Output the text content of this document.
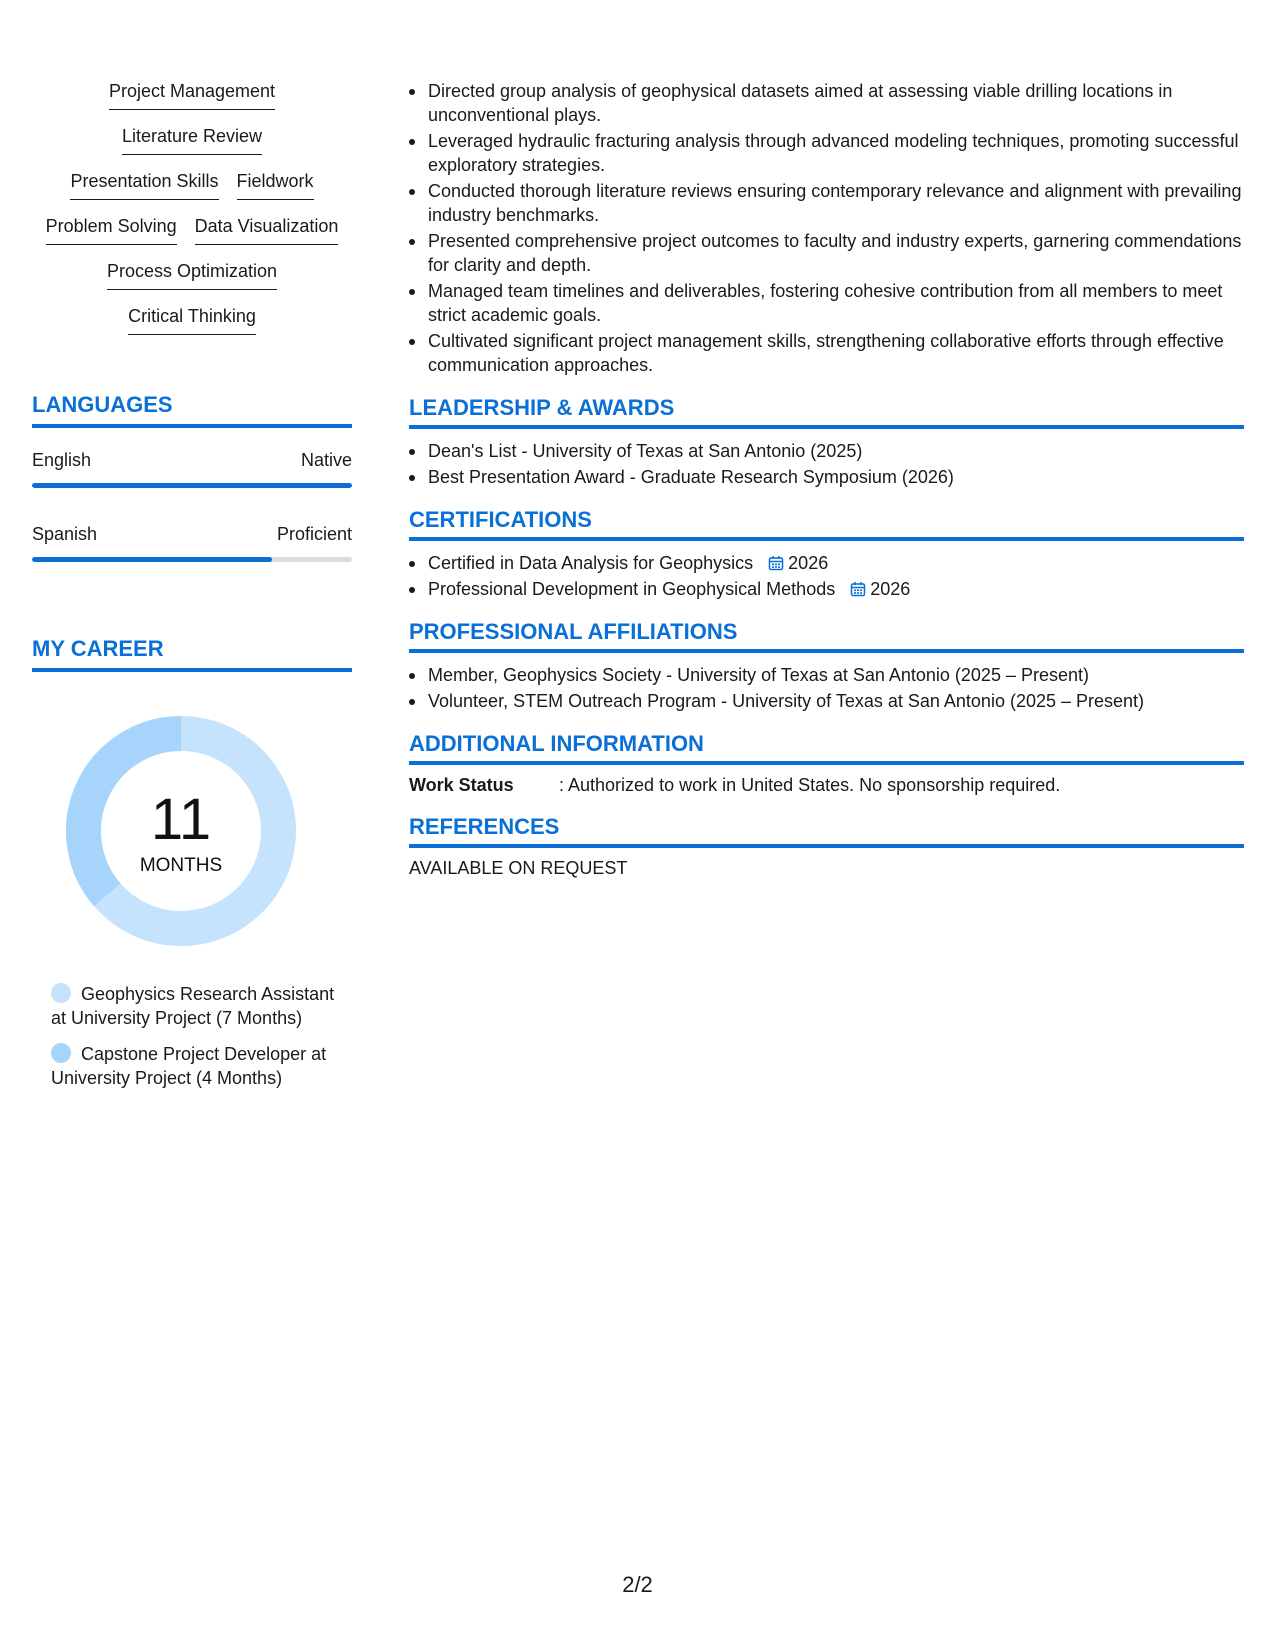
Project Management
Literature Review
Presentation Skills Fieldwork
Problem Solving Data Visualization
Process Optimization
Critical Thinking
LANGUAGES
English	Native
Spanish	Proficient
MY CAREER
11
MONTHS
Geophysics Research Assistant at University Project (7 Months)
Capstone Project Developer at University Project (4 Months)
Directed group analysis of geophysical datasets aimed at assessing viable drilling locations in unconventional plays.
Leveraged hydraulic fracturing analysis through advanced modeling techniques, promoting successful exploratory strategies.
Conducted thorough literature reviews ensuring contemporary relevance and alignment with prevailing industry benchmarks.
Presented comprehensive project outcomes to faculty and industry experts, garnering commendations for clarity and depth.
Managed team timelines and deliverables, fostering cohesive contribution from all members to meet strict academic goals.
Cultivated significant project management skills, strengthening collaborative efforts through effective communication approaches.
LEADERSHIP & AWARDS
Dean's List - University of Texas at San Antonio (2025)
Best Presentation Award - Graduate Research Symposium (2026)
CERTIFICATIONS
Certified in Data Analysis for Geophysics 2026
Professional Development in Geophysical Methods 2026
PROFESSIONAL AFFILIATIONS
Member, Geophysics Society - University of Texas at San Antonio (2025 – Present)
Volunteer, STEM Outreach Program - University of Texas at San Antonio (2025 – Present)
ADDITIONAL INFORMATION
Work Status	: Authorized to work in United States. No sponsorship required.
REFERENCES
AVAILABLE ON REQUEST
2/2
